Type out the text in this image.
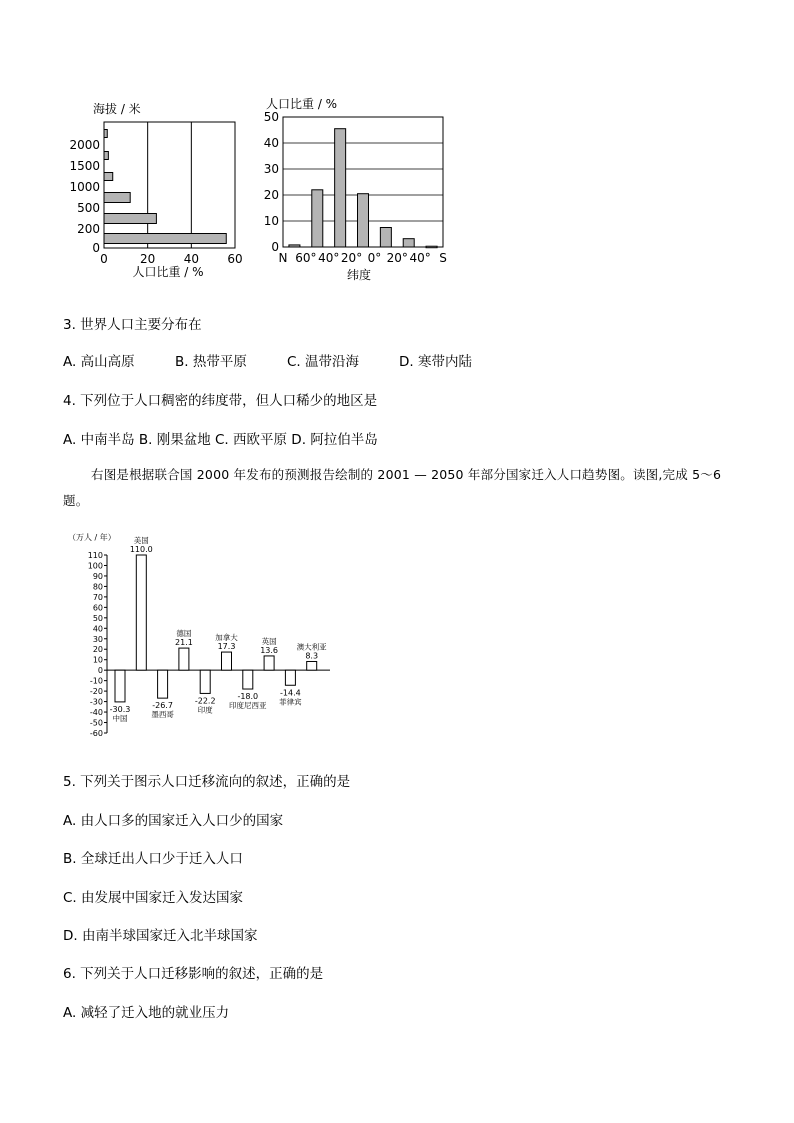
海拔 / 米
0
200
500
1000
1500
2000
0	20 40 60
人口比重 / %
人口比重 / %
0
10
20
30
40
50
N 60° 40° 20° 0° 20° 40° S
纬度
3. 世界人口主要分布在
A. 高山高原	B. 热带平原	C. 温带沿海	D. 寒带内陆
4. 下列位于人口稠密的纬度带，但人口稀少的地区是
A. 中南半岛 B. 刚果盆地 C. 西欧平原 D. 阿拉伯半岛
右图是根据联合国 2000 年发布的预测报告绘制的 2001 — 2050 年部分国家迁入人口趋势图。读图,完成 5～6 题。
（万人 / 年）
110
100
90
80
70
60
50
40
30
20
10
0
-10
-20
-30
-40
-50
-60
-30.3
中国
110.0
美国
-26.7
墨西哥
21.1
德国
-22.2
印度
17.3
加拿大
-18.0
印度尼西亚
13.6
英国
-14.4
菲律宾
8.3
澳大利亚
5. 下列关于图示人口迁移流向的叙述，正确的是
A. 由人口多的国家迁入人口少的国家
B. 全球迁出人口少于迁入人口
C. 由发展中国家迁入发达国家
D. 由南半球国家迁入北半球国家
6. 下列关于人口迁移影响的叙述，正确的是
A. 减轻了迁入地的就业压力
